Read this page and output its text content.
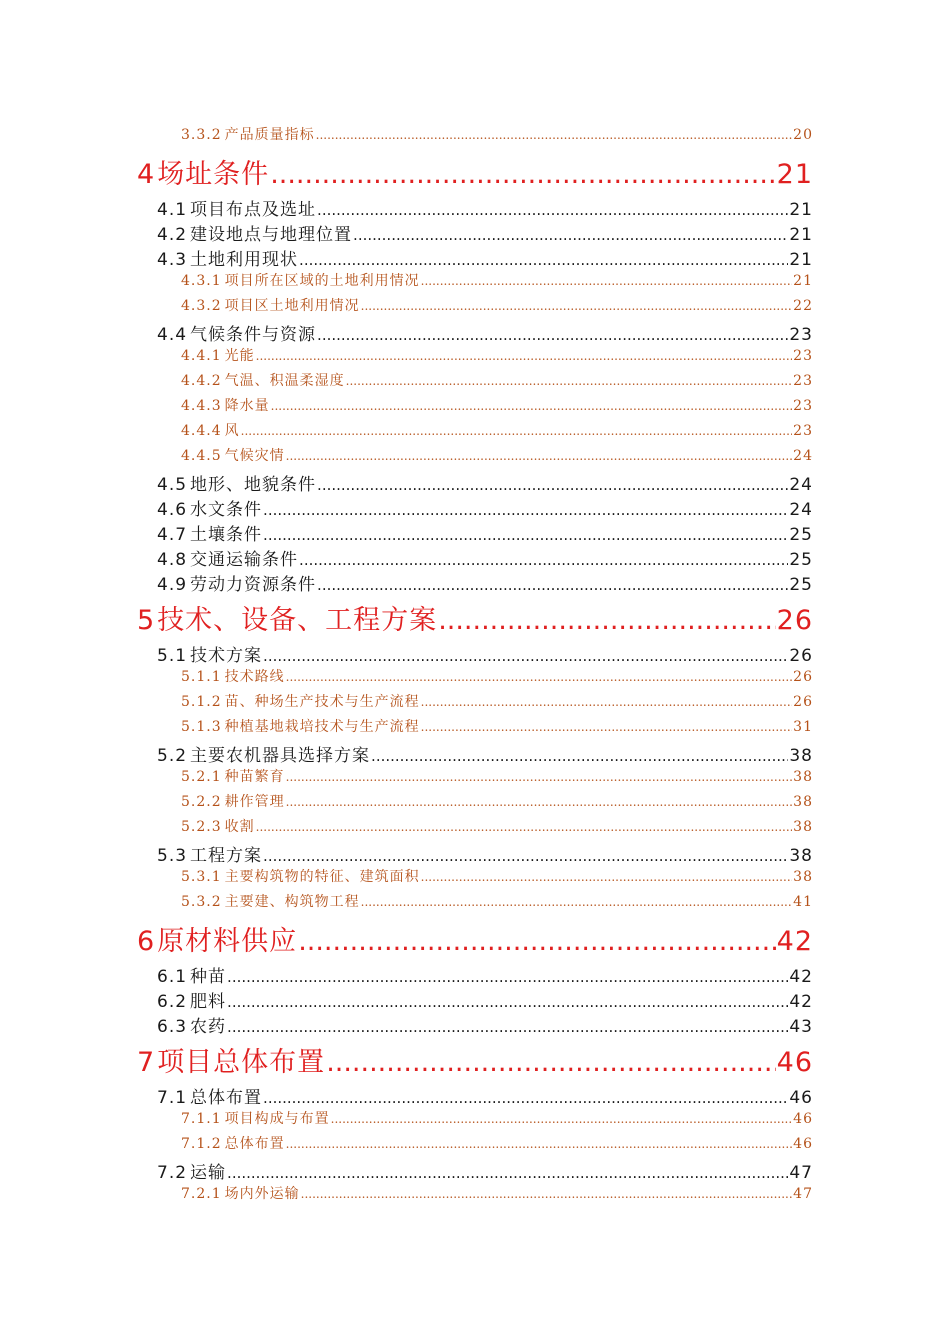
3.3.2 产品质量指标 .....	20
4场址条件 .....	21
4.1 项目布点及选址 .....	21
4.2 建设地点与地理位置 .....	21
4.3 土地利用现状 .....	21
4.3.1 项目所在区域的土地利用情况 .....	21
4.3.2 项目区土地利用情况 .....	22
4.4 气候条件与资源 .....	23
4.4.1 光能 .....	23
4.4.2 气温、积温柔湿度 .....	23
4.4.3 降水量 .....	23
4.4.4 风 .....	23
4.4.5 气候灾情 .....	24
4.5 地形、地貌条件 .....	24
4.6 水文条件 .....	24
4.7 土壤条件 .....	25
4.8 交通运输条件 .....	25
4.9 劳动力资源条件 .....	25
5技术、设备、工程方案 .....	26
5.1 技术方案 .....	26
5.1.1 技术路线 .....	26
5.1.2 苗、种场生产技术与生产流程 .....	26
5.1.3 种植基地栽培技术与生产流程 .....	31
5.2 主要农机器具选择方案 .....	38
5.2.1 种苗繁育 .....	38
5.2.2 耕作管理 .....	38
5.2.3 收割 .....	38
5.3 工程方案 .....	38
5.3.1 主要构筑物的特征、建筑面积 .....	38
5.3.2 主要建、构筑物工程 .....	41
6原材料供应 .....	42
6.1 种苗 .....	42
6.2 肥料 .....	42
6.3 农药 .....	43
7项目总体布置 .....	46
7.1 总体布置 .....	46
7.1.1 项目构成与布置 .....	46
7.1.2 总体布置 .....	46
7.2 运输 .....	47
7.2.1 场内外运输 .....	47
